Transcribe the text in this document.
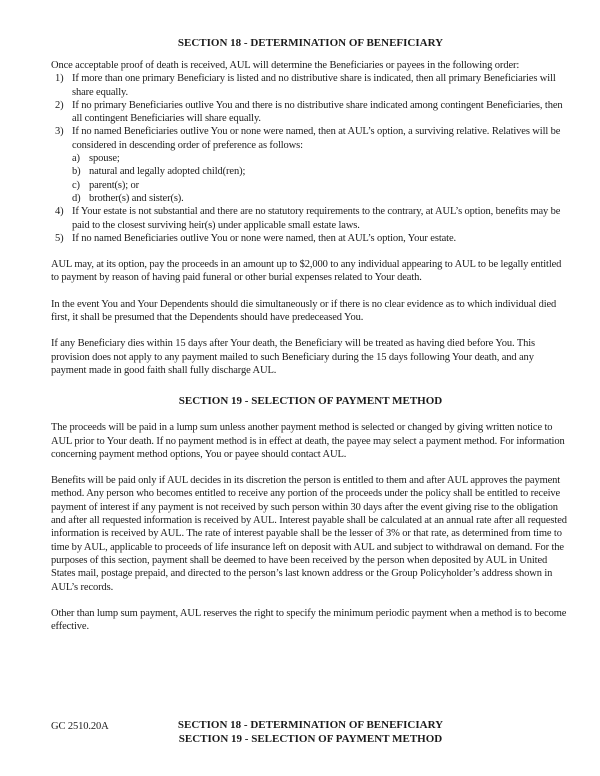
SECTION 18 - DETERMINATION OF BENEFICIARY

Once acceptable proof of death is received, AUL will determine the Beneficiaries or payees in the following order:

1) If more than one primary Beneficiary is listed and no distributive share is indicated, then all primary Beneficiaries will share equally.
2) If no primary Beneficiaries outlive You and there is no distributive share indicated among contingent Beneficiaries, then all contingent Beneficiaries will share equally.
3) If no named Beneficiaries outlive You or none were named, then at AUL’s option, a surviving relative. Relatives will be considered in descending order of preference as follows:
a) spouse;
b) natural and legally adopted child(ren);
c) parent(s); or
d) brother(s) and sister(s).
4) If Your estate is not substantial and there are no statutory requirements to the contrary, at AUL’s option, benefits may be paid to the closest surviving heir(s) under applicable small estate laws.
5) If no named Beneficiaries outlive You or none were named, then at AUL’s option, Your estate.

AUL may, at its option, pay the proceeds in an amount up to $2,000 to any individual appearing to AUL to be legally entitled to payment by reason of having paid funeral or other burial expenses related to Your death.

In the event You and Your Dependents should die simultaneously or if there is no clear evidence as to which individual died first, it shall be presumed that the Dependents should have predeceased You.

If any Beneficiary dies within 15 days after Your death, the Beneficiary will be treated as having died before You. This provision does not apply to any payment mailed to such Beneficiary during the 15 days following Your death, and any payment made in good faith shall fully discharge AUL.

SECTION 19 - SELECTION OF PAYMENT METHOD

The proceeds will be paid in a lump sum unless another payment method is selected or changed by giving written notice to AUL prior to Your death. If no payment method is in effect at death, the payee may select a payment method. For information concerning payment method options, You or payee should contact AUL.

Benefits will be paid only if AUL decides in its discretion the person is entitled to them and after AUL approves the payment method. Any person who becomes entitled to receive any portion of the proceeds under the policy shall be entitled to receive payment of interest if any payment is not received by such person within 30 days after the event giving rise to the obligation and after all requested information is received by AUL. Interest payable shall be calculated at an annual rate after all requested information is received by AUL. The rate of interest payable shall be the lesser of 3% or that rate, as determined from time to time by AUL, applicable to proceeds of life insurance left on deposit with AUL and subject to withdrawal on demand. For the purposes of this section, payment shall be deemed to have been received by the person when deposited by AUL in United States mail, postage prepaid, and directed to the person’s last known address or the Group Policyholder’s address shown in AUL’s records.

Other than lump sum payment, AUL reserves the right to specify the minimum periodic payment when a method is to become effective.

GC 2510.20A	SECTION 18 - DETERMINATION OF BENEFICIARY
SECTION 19 - SELECTION OF PAYMENT METHOD
